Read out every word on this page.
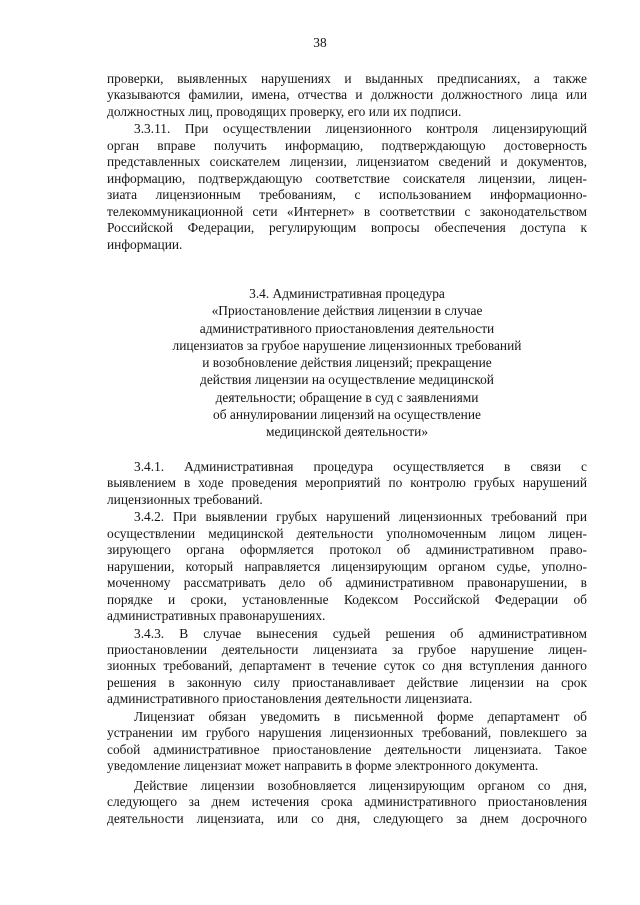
38
проверки, выявленных нарушениях и выданных предписаниях, а также
указываются фамилии, имена, отчества и должности должностного лица или
должностных лиц, проводящих проверку, его или их подписи.
3.3.11. При осуществлении лицензионного контроля лицензирующий
орган вправе получить информацию, подтверждающую достоверность
представленных соискателем лицензии, лицензиатом сведений и документов,
информацию, подтверждающую соответствие соискателя лицензии, лицен-
зиата лицензионным требованиям, с использованием информационно-
телекоммуникационной сети «Интернет» в соответствии с законодательством
Российской Федерации, регулирующим вопросы обеспечения доступа к
информации.
3.4. Административная процедура
«Приостановление действия лицензии в случае
административного приостановления деятельности
лицензиатов за грубое нарушение лицензионных требований
и возобновление действия лицензий; прекращение
действия лицензии на осуществление медицинской
деятельности; обращение в суд с заявлениями
об аннулировании лицензий на осуществление
медицинской деятельности»
3.4.1. Административная процедура осуществляется в связи с
выявлением в ходе проведения мероприятий по контролю грубых нарушений
лицензионных требований.
3.4.2. При выявлении грубых нарушений лицензионных требований при
осуществлении медицинской деятельности уполномоченным лицом лицен-
зирующего органа оформляется протокол об административном право-
нарушении, который направляется лицензирующим органом судье, уполно-
моченному рассматривать дело об административном правонарушении, в
порядке и сроки, установленные Кодексом Российской Федерации об
административных правонарушениях.
3.4.3. В случае вынесения судьей решения об административном
приостановлении деятельности лицензиата за грубое нарушение лицен-
зионных требований, департамент в течение суток со дня вступления данного
решения в законную силу приостанавливает действие лицензии на срок
административного приостановления деятельности лицензиата.
Лицензиат обязан уведомить в письменной форме департамент об
устранении им грубого нарушения лицензионных требований, повлекшего за
собой административное приостановление деятельности лицензиата. Такое
уведомление лицензиат может направить в форме электронного документа.
Действие лицензии возобновляется лицензирующим органом со дня,
следующего за днем истечения срока административного приостановления
деятельности лицензиата, или со дня, следующего за днем досрочного
